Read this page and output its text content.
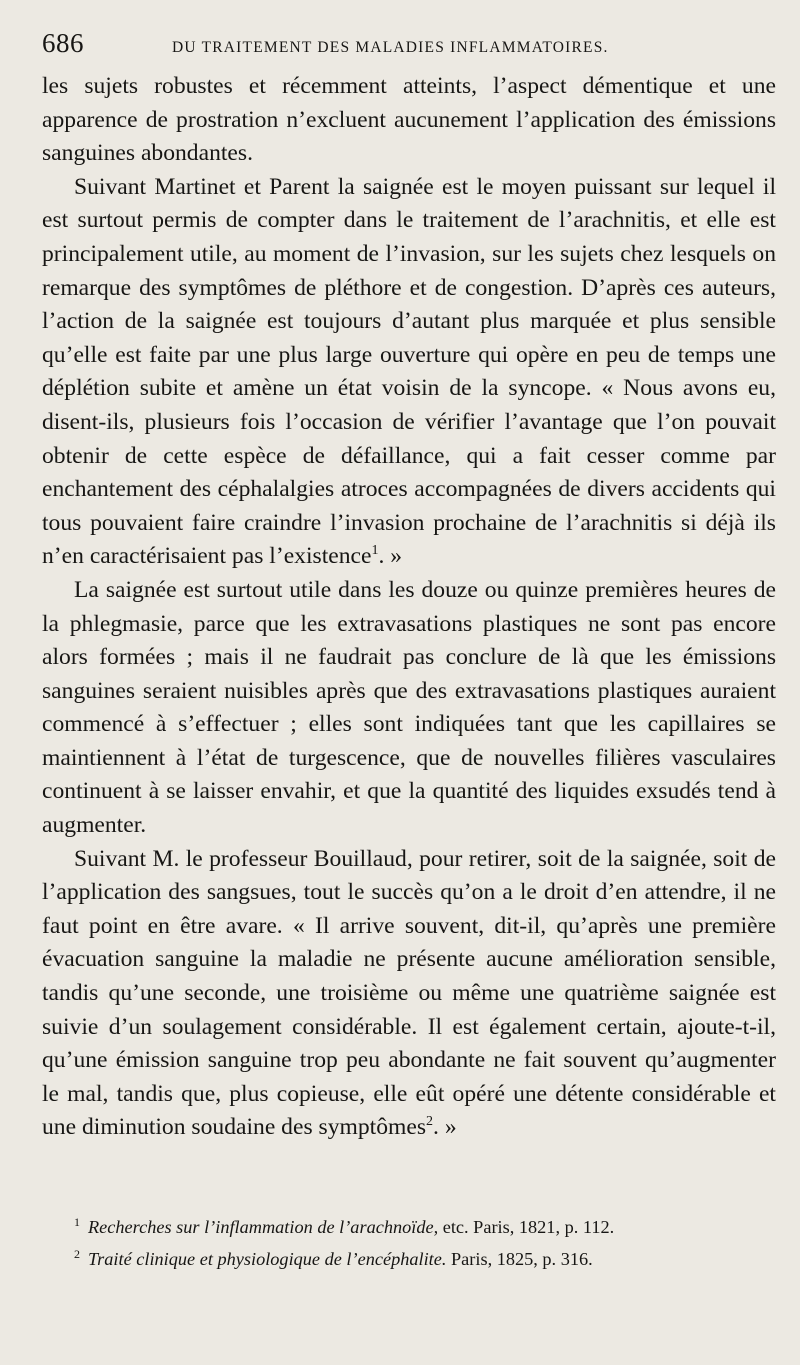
686	DU TRAITEMENT DES MALADIES INFLAMMATOIRES.

les sujets robustes et récemment atteints, l’aspect démentique et une apparence de prostration n’excluent aucunement l’application des émissions sanguines abondantes.

Suivant Martinet et Parent la saignée est le moyen puissant sur lequel il est surtout permis de compter dans le traitement de l’arachnitis, et elle est principalement utile, au moment de l’invasion, sur les sujets chez lesquels on remarque des symptômes de pléthore et de congestion. D’après ces auteurs, l’action de la saignée est toujours d’autant plus marquée et plus sensible qu’elle est faite par une plus large ouverture qui opère en peu de temps une déplétion subite et amène un état voisin de la syncope. « Nous avons eu, disent-ils, plusieurs fois l’occasion de vérifier l’avantage que l’on pouvait obtenir de cette espèce de défaillance, qui a fait cesser comme par enchantement des céphalalgies atroces accompagnées de divers accidents qui tous pouvaient faire craindre l’invasion prochaine de l’arachnitis si déjà ils n’en caractérisaient pas l’existence$^1$. »

La saignée est surtout utile dans les douze ou quinze premières heures de la phlegmasie, parce que les extravasations plastiques ne sont pas encore alors formées ; mais il ne faudrait pas conclure de là que les émissions sanguines seraient nuisibles après que des extravasations plastiques auraient commencé à s’effectuer ; elles sont indiquées tant que les capillaires se maintiennent à l’état de turgescence, que de nouvelles filières vasculaires continuent à se laisser envahir, et que la quantité des liquides exsudés tend à augmenter.

Suivant M. le professeur Bouillaud, pour retirer, soit de la saignée, soit de l’application des sangsues, tout le succès qu’on a le droit d’en attendre, il ne faut point en être avare. « Il arrive souvent, dit-il, qu’après une première évacuation sanguine la maladie ne présente aucune amélioration sensible, tandis qu’une seconde, une troisième ou même une quatrième saignée est suivie d’un soulagement considérable. Il est également certain, ajoute-t-il, qu’une émission sanguine trop peu abondante ne fait souvent qu’augmenter le mal, tandis que, plus copieuse, elle eût opéré une détente considérable et une diminution soudaine des symptômes$^2$. »

$^1$ Recherches sur l’inflammation de l’arachnoïde, etc. Paris, 1821, p. 112.
$^2$ Traité clinique et physiologique de l’encéphalite. Paris, 1825, p. 316.
